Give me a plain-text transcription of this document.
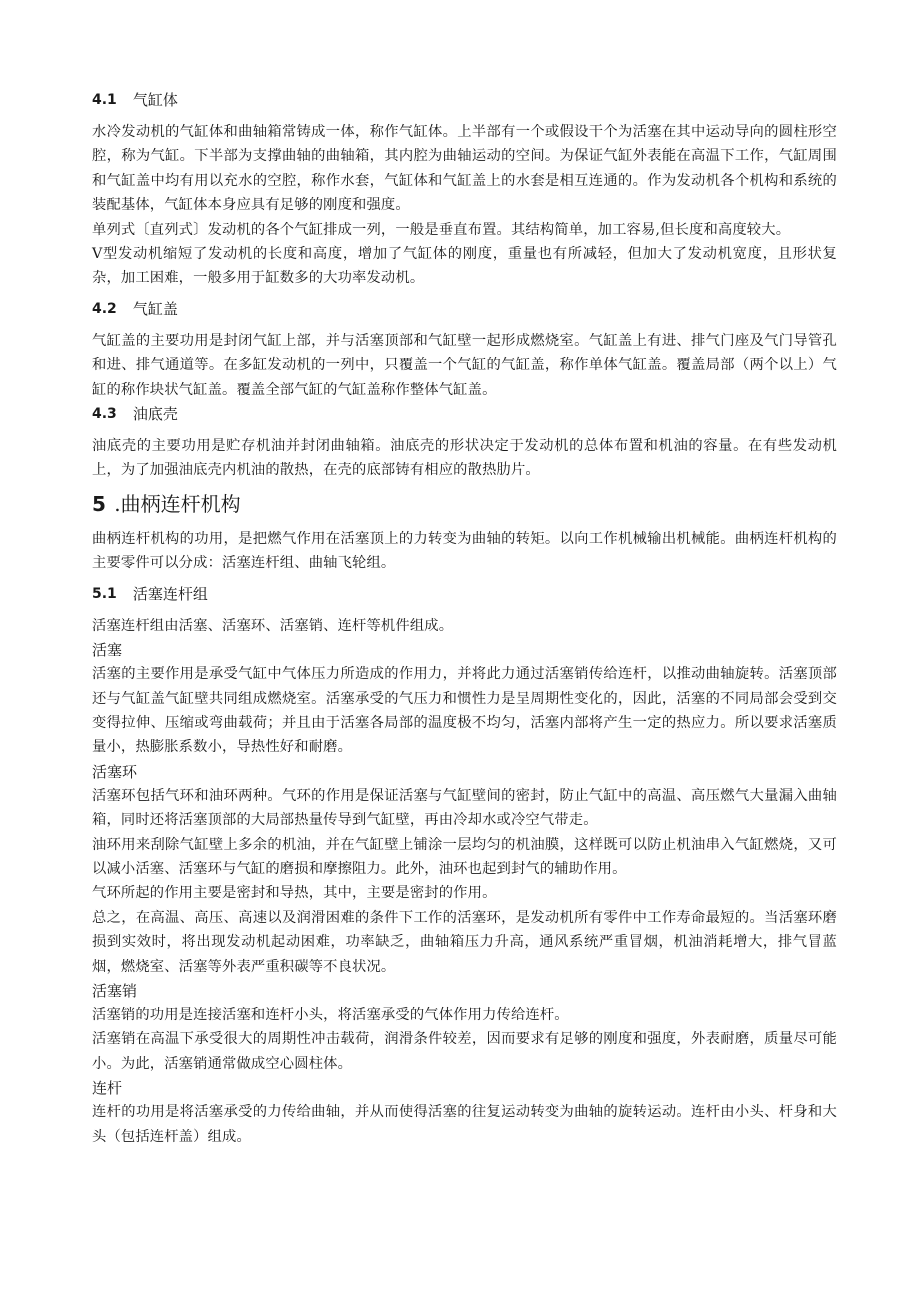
4.1 气缸体

水冷发动机的气缸体和曲轴箱常铸成一体，称作气缸体。上半部有一个或假设干个为活塞在其中运动导向的圆柱形空腔，称为气缸。下半部为支撑曲轴的曲轴箱，其内腔为曲轴运动的空间。为保证气缸外表能在高温下工作，气缸周围和气缸盖中均有用以充水的空腔，称作水套，气缸体和气缸盖上的水套是相互连通的。作为发动机各个机构和系统的装配基体，气缸体本身应具有足够的刚度和强度。

单列式〔直列式〕发动机的各个气缸排成一列，一般是垂直布置。其结构简单，加工容易,但长度和高度较大。

V型发动机缩短了发动机的长度和高度，增加了气缸体的刚度，重量也有所减轻，但加大了发动机宽度，且形状复杂，加工困难，一般多用于缸数多的大功率发动机。

4.2 气缸盖

气缸盖的主要功用是封闭气缸上部，并与活塞顶部和气缸壁一起形成燃烧室。气缸盖上有进、排气门座及气门导管孔和进、排气通道等。在多缸发动机的一列中，只覆盖一个气缸的气缸盖，称作单体气缸盖。覆盖局部（两个以上）气缸的称作块状气缸盖。覆盖全部气缸的气缸盖称作整体气缸盖。

4.3 油底壳

油底壳的主要功用是贮存机油并封闭曲轴箱。油底壳的形状决定于发动机的总体布置和机油的容量。在有些发动机上，为了加强油底壳内机油的散热，在壳的底部铸有相应的散热肋片。

5 .曲柄连杆机构

曲柄连杆机构的功用，是把燃气作用在活塞顶上的力转变为曲轴的转矩。以向工作机械输出机械能。曲柄连杆机构的主要零件可以分成：活塞连杆组、曲轴飞轮组。

5.1 活塞连杆组

活塞连杆组由活塞、活塞环、活塞销、连杆等机件组成。

活塞

活塞的主要作用是承受气缸中气体压力所造成的作用力，并将此力通过活塞销传给连杆，以推动曲轴旋转。活塞顶部还与气缸盖气缸壁共同组成燃烧室。活塞承受的气压力和惯性力是呈周期性变化的，因此，活塞的不同局部会受到交变得拉伸、压缩或弯曲载荷；并且由于活塞各局部的温度极不均匀，活塞内部将产生一定的热应力。所以要求活塞质量小，热膨胀系数小，导热性好和耐磨。

活塞环

活塞环包括气环和油环两种。气环的作用是保证活塞与气缸壁间的密封，防止气缸中的高温、高压燃气大量漏入曲轴箱，同时还将活塞顶部的大局部热量传导到气缸壁，再由冷却水或冷空气带走。

油环用来刮除气缸壁上多余的机油，并在气缸壁上铺涂一层均匀的机油膜，这样既可以防止机油串入气缸燃烧，又可以减小活塞、活塞环与气缸的磨损和摩擦阻力。此外，油环也起到封气的辅助作用。

气环所起的作用主要是密封和导热，其中，主要是密封的作用。

总之，在高温、高压、高速以及润滑困难的条件下工作的活塞环，是发动机所有零件中工作寿命最短的。当活塞环磨损到实效时，将出现发动机起动困难，功率缺乏，曲轴箱压力升高，通风系统严重冒烟，机油消耗增大，排气冒蓝烟，燃烧室、活塞等外表严重积碳等不良状况。

活塞销

活塞销的功用是连接活塞和连杆小头，将活塞承受的气体作用力传给连杆。

活塞销在高温下承受很大的周期性冲击载荷，润滑条件较差，因而要求有足够的刚度和强度，外表耐磨，质量尽可能小。为此，活塞销通常做成空心圆柱体。

连杆

连杆的功用是将活塞承受的力传给曲轴，并从而使得活塞的往复运动转变为曲轴的旋转运动。连杆由小头、杆身和大头（包括连杆盖）组成。
